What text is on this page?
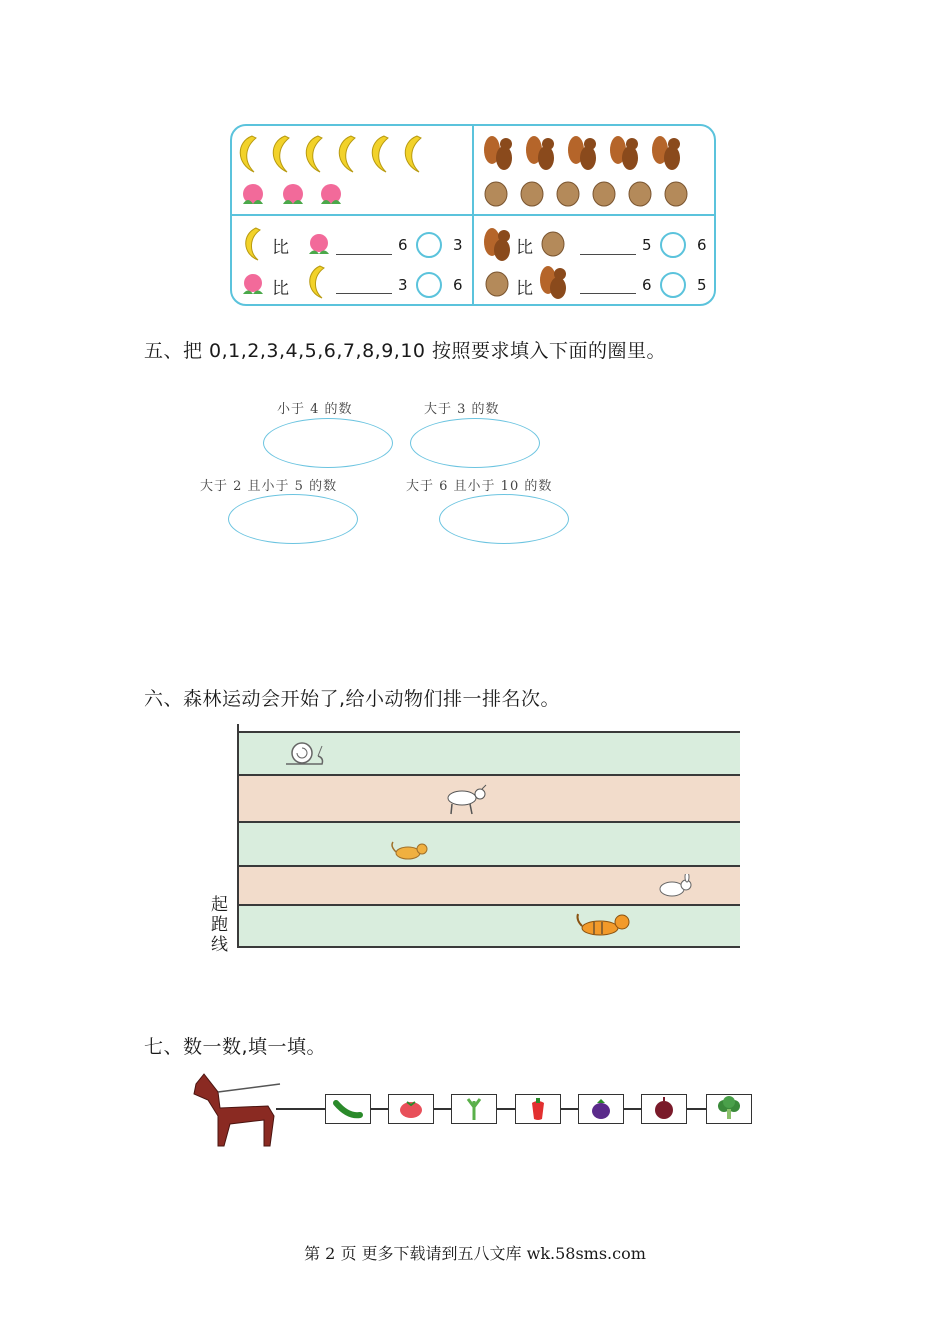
比	6	3
比	3	6
比	5	6
比	6	5
五、把 0,1,2,3,4,5,6,7,8,9,10 按照要求填入下面的圈里。
小于 4 的数	大于 3 的数
大于 2 且小于 5 的数	大于 6 且小于 10 的数
六、森林运动会开始了,给小动物们排一排名次。
起
跑
线
七、数一数,填一填。
第 2 页 更多下载请到五八文库 wk.58sms.com
